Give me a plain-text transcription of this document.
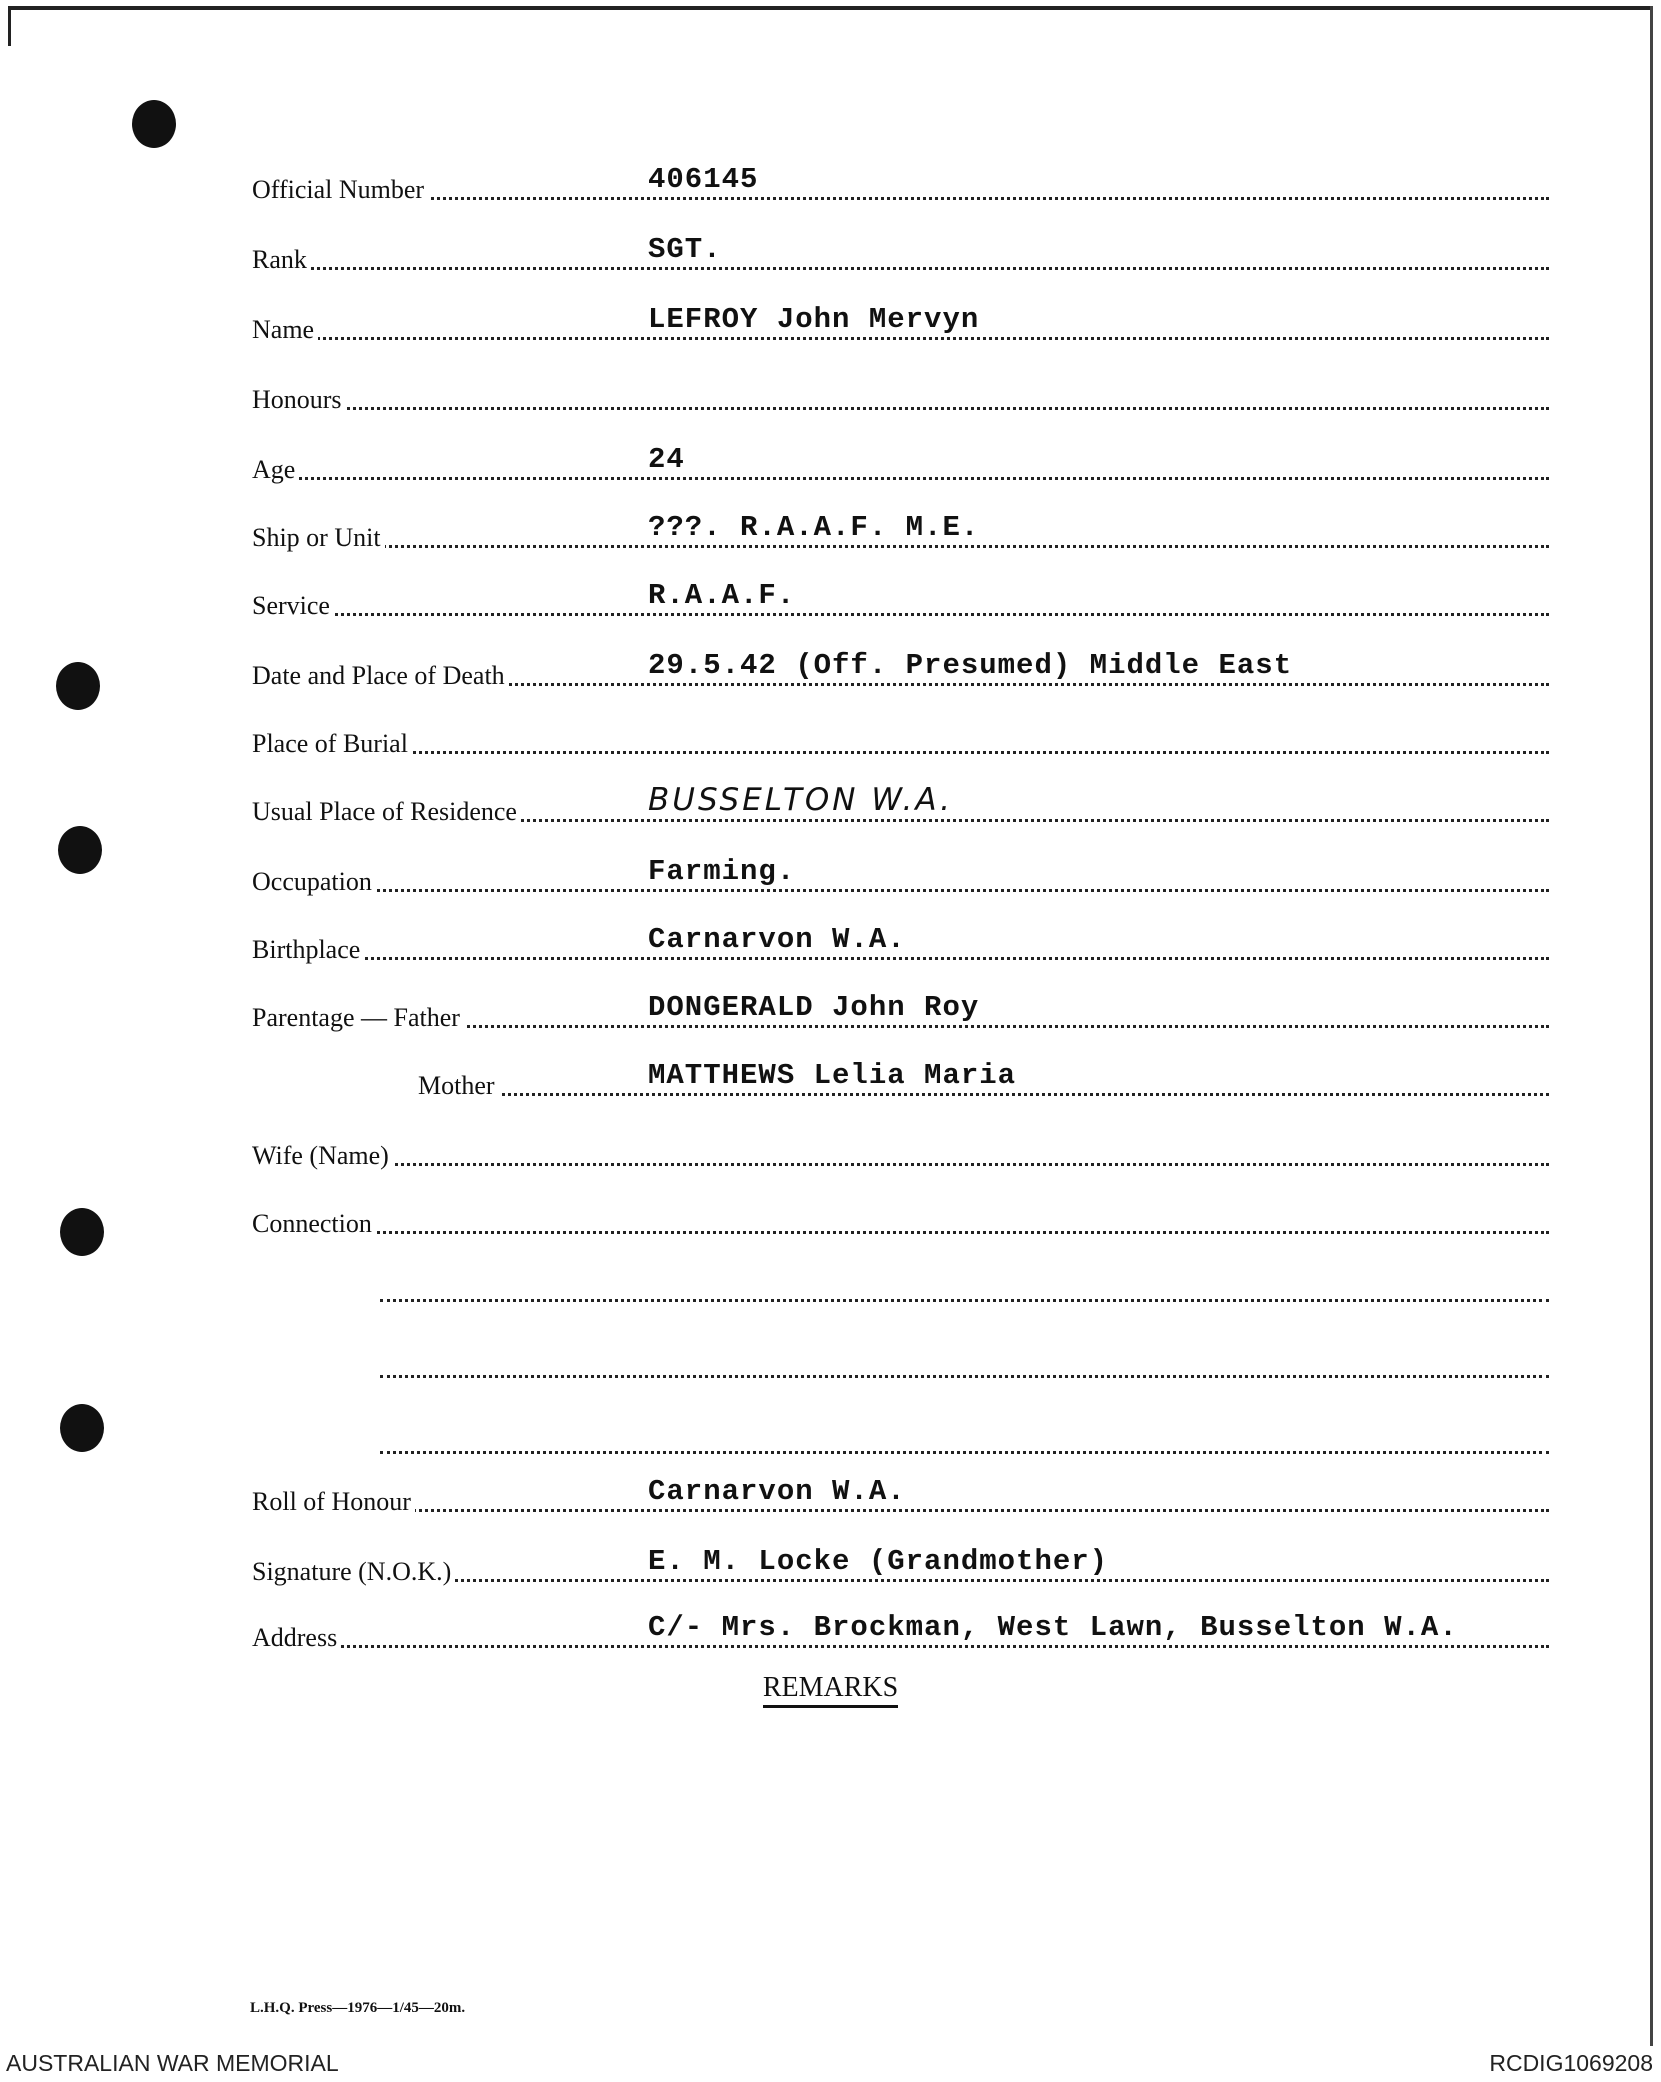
Official Number	406145
Rank	SGT.
Name	LEFROY John Mervyn
Honours
Age	24
Ship or Unit	???. R.A.A.F. M.E.
Service	R.A.A.F.
Date and Place of Death	29.5.42 (Off. Presumed) Middle East
Place of Burial
Usual Place of Residence	BUSSELTON W.A.
Occupation	Farming.
Birthplace	Carnarvon W.A.
Parentage — Father	DONGERALD John Roy
Mother	MATTHEWS Lelia Maria
Wife (Name)
Connection
Roll of Honour	Carnarvon W.A.
Signature (N.O.K.)	E. M. Locke (Grandmother)
Address	C/- Mrs. Brockman, West Lawn, Busselton W.A.
REMARKS
L.H.Q. Press—1976—1/45—20m.
AUSTRALIAN WAR MEMORIAL	RCDIG1069208
